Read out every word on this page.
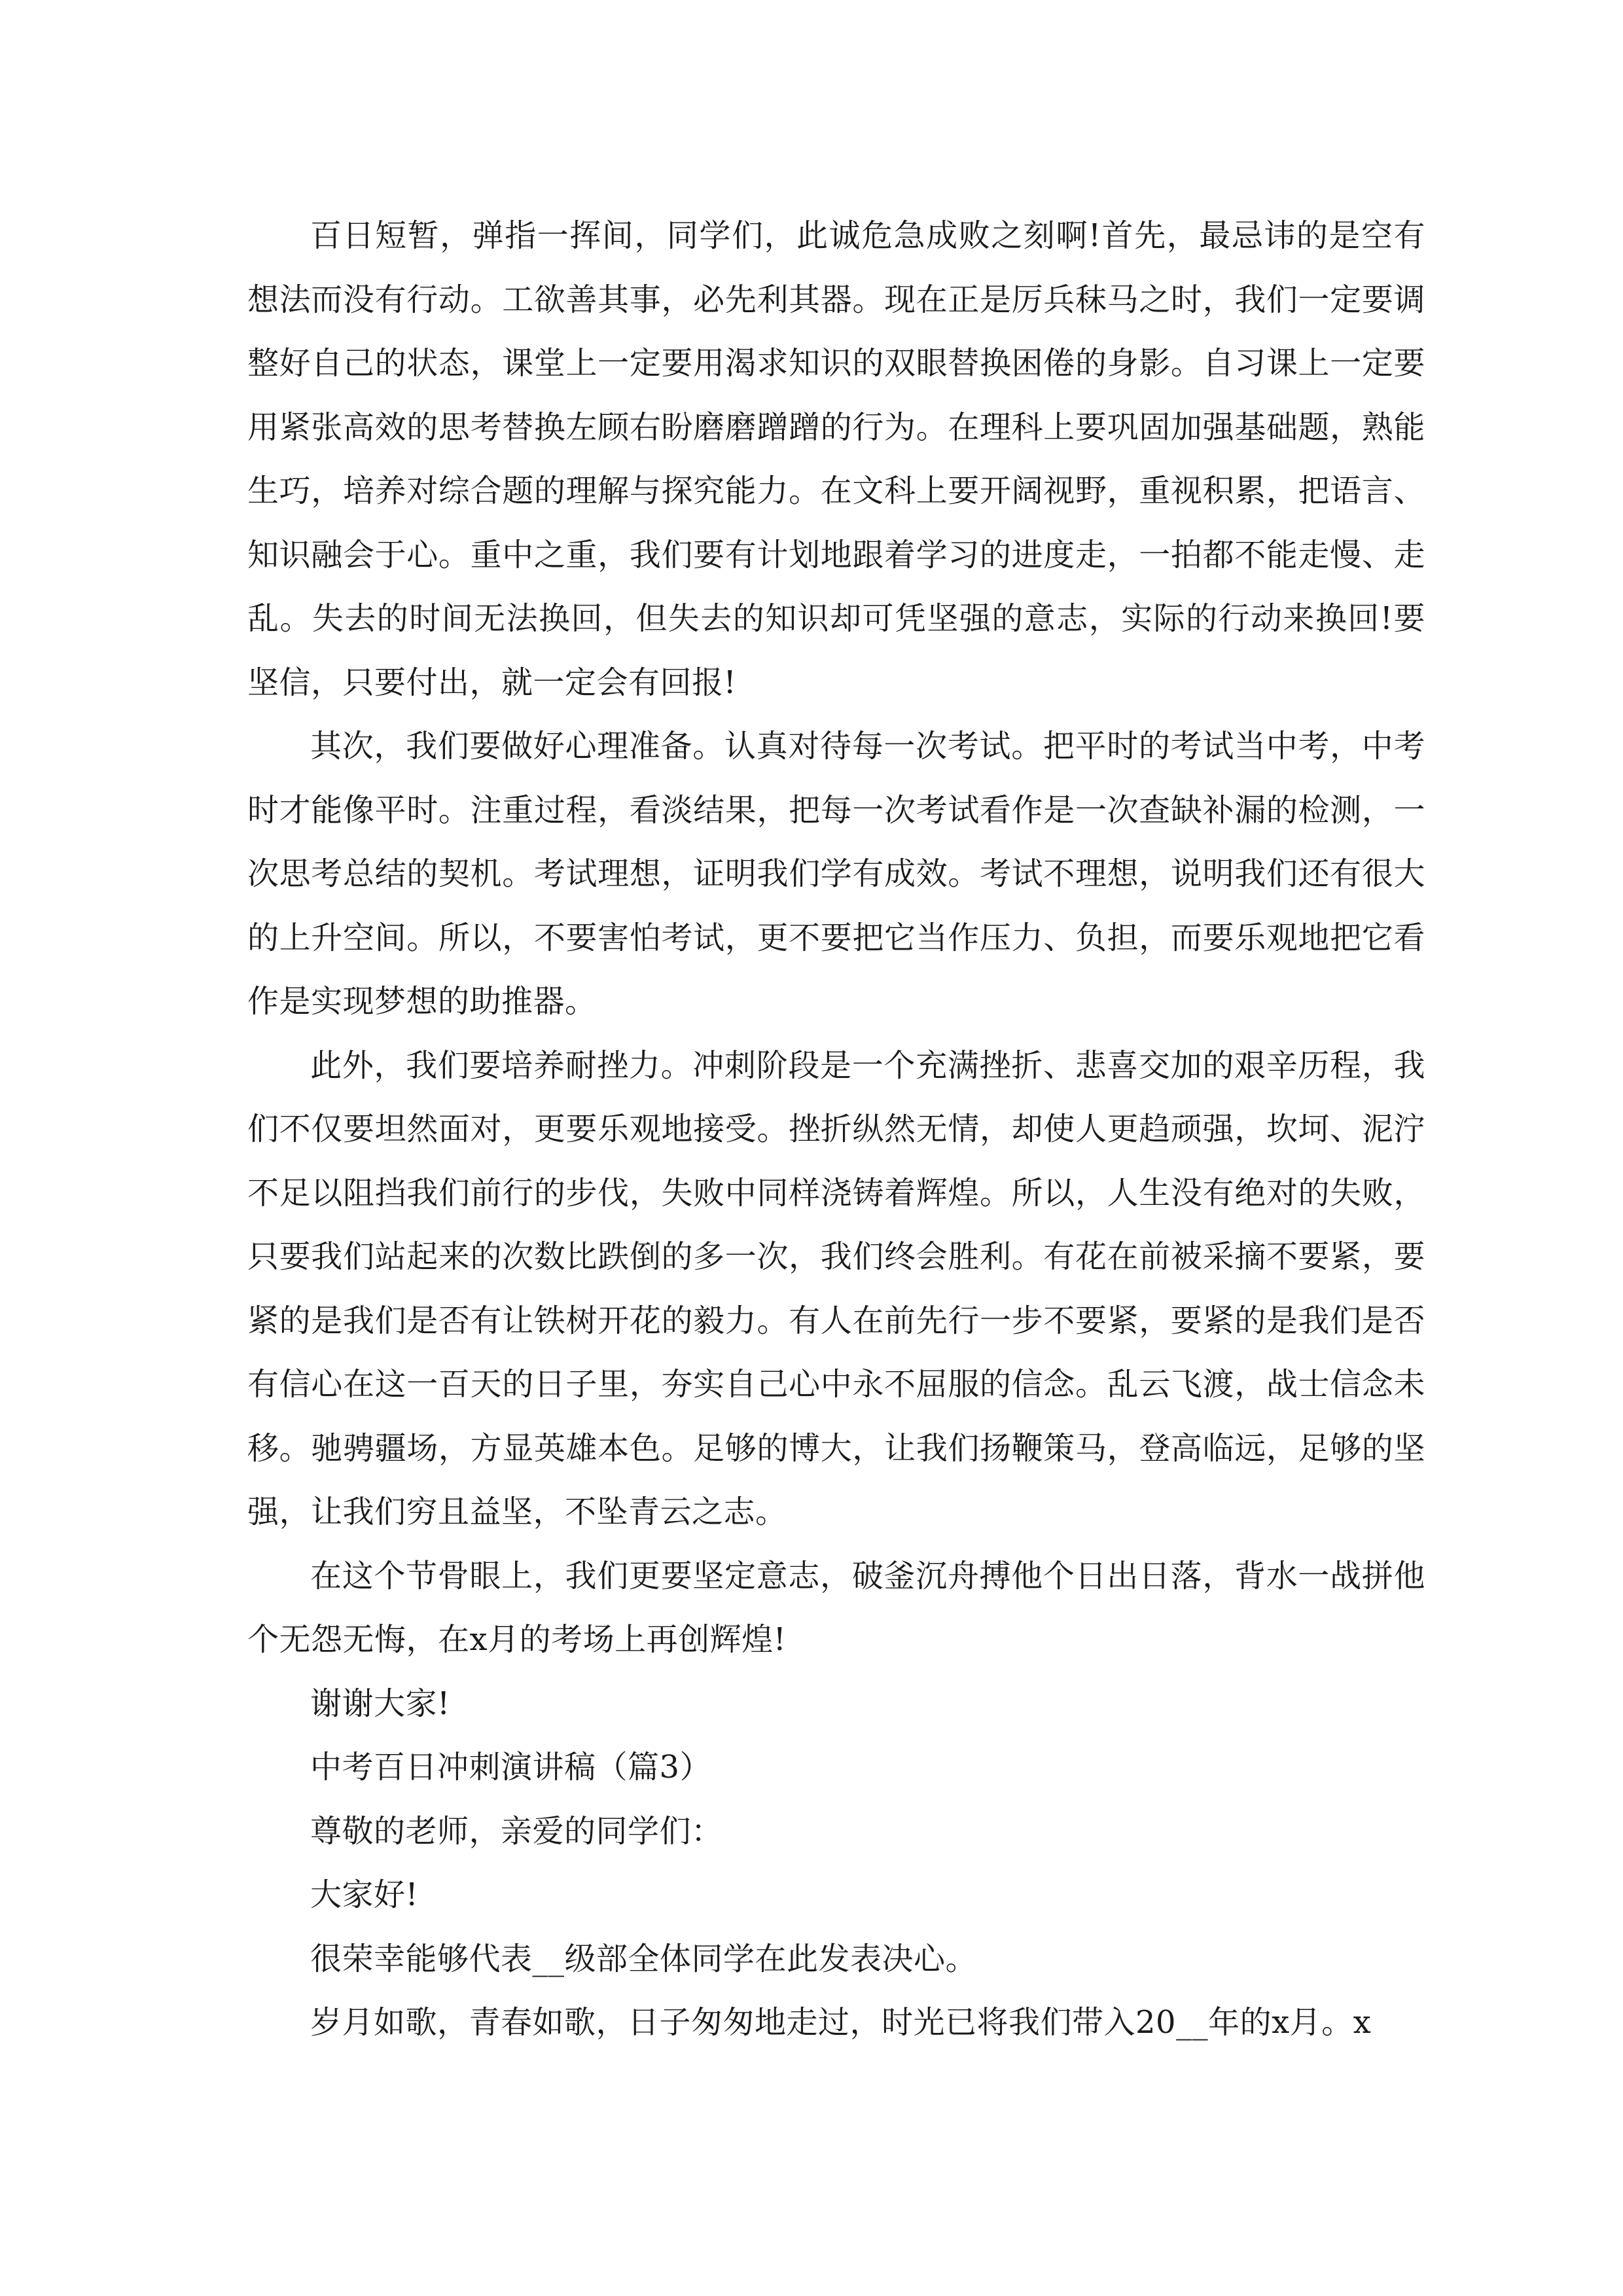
百日短暂，弹指一挥间，同学们，此诚危急成败之刻啊!首先，最忌讳的是空有想法而没有行动。工欲善其事，必先利其器。现在正是厉兵秣马之时，我们一定要调整好自己的状态，课堂上一定要用渴求知识的双眼替换困倦的身影。自习课上一定要用紧张高效的思考替换左顾右盼磨磨蹭蹭的行为。在理科上要巩固加强基础题，熟能生巧，培养对综合题的理解与探究能力。在文科上要开阔视野，重视积累，把语言、知识融会于心。重中之重，我们要有计划地跟着学习的进度走，一拍都不能走慢、走乱。失去的时间无法换回，但失去的知识却可凭坚强的意志，实际的行动来换回!要坚信，只要付出，就一定会有回报!

其次，我们要做好心理准备。认真对待每一次考试。把平时的考试当中考，中考时才能像平时。注重过程，看淡结果，把每一次考试看作是一次查缺补漏的检测，一次思考总结的契机。考试理想，证明我们学有成效。考试不理想，说明我们还有很大的上升空间。所以，不要害怕考试，更不要把它当作压力、负担，而要乐观地把它看作是实现梦想的助推器。

此外，我们要培养耐挫力。冲刺阶段是一个充满挫折、悲喜交加的艰辛历程，我们不仅要坦然面对，更要乐观地接受。挫折纵然无情，却使人更趋顽强，坎坷、泥泞不足以阻挡我们前行的步伐，失败中同样浇铸着辉煌。所以，人生没有绝对的失败，只要我们站起来的次数比跌倒的多一次，我们终会胜利。有花在前被采摘不要紧，要紧的是我们是否有让铁树开花的毅力。有人在前先行一步不要紧，要紧的是我们是否有信心在这一百天的日子里，夯实自己心中永不屈服的信念。乱云飞渡，战士信念未移。驰骋疆场，方显英雄本色。足够的博大，让我们扬鞭策马，登高临远，足够的坚强，让我们穷且益坚，不坠青云之志。

在这个节骨眼上，我们更要坚定意志，破釜沉舟搏他个日出日落，背水一战拼他个无怨无悔，在x月的考场上再创辉煌!

谢谢大家!

中考百日冲刺演讲稿（篇3）

尊敬的老师，亲爱的同学们：

大家好!

很荣幸能够代表__级部全体同学在此发表决心。

岁月如歌，青春如歌，日子匆匆地走过，时光已将我们带入20__年的x月。x
